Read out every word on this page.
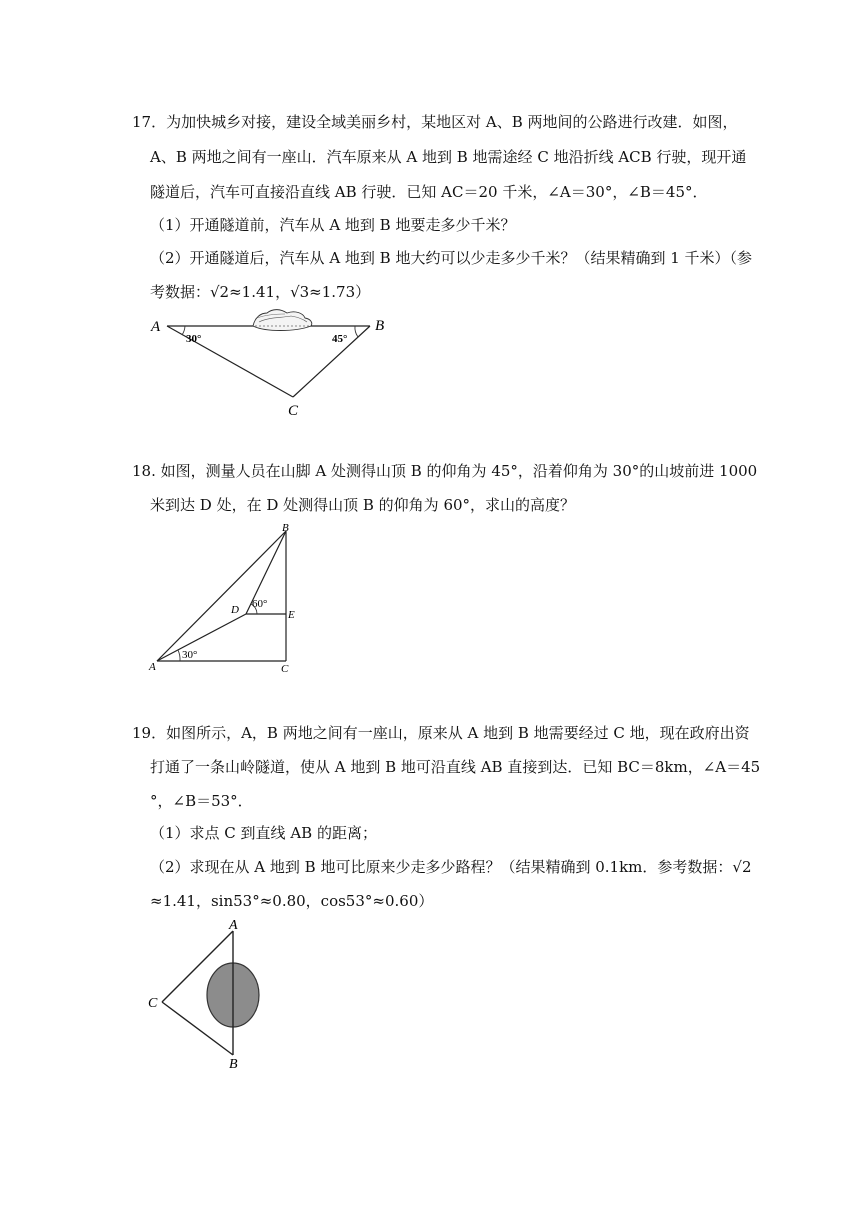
17．为加快城乡对接，建设全域美丽乡村，某地区对 A、B 两地间的公路进行改建．如图，
A、B 两地之间有一座山．汽车原来从 A 地到 B 地需途经 C 地沿折线 ACB 行驶，现开通
隧道后，汽车可直接沿直线 AB 行驶．已知 AC＝20 千米，∠A＝30°，∠B＝45°．
（1）开通隧道前，汽车从 A 地到 B 地要走多少千米？
（2）开通隧道后，汽车从 A 地到 B 地大约可以少走多少千米？（结果精确到 1 千米）（参
考数据：√2≈1.41，√3≈1.73）
A	B
C
30°	45°
18. 如图，测量人员在山脚 A 处测得山顶 B 的仰角为 45°，沿着仰角为 30°的山坡前进 1000
米到达 D 处，在 D 处测得山顶 B 的仰角为 60°，求山的高度？
A
B
C
D	E
30°
60°
19．如图所示，A，B 两地之间有一座山，原来从 A 地到 B 地需要经过 C 地，现在政府出资
打通了一条山岭隧道，使从 A 地到 B 地可沿直线 AB 直接到达．已知 BC＝8km，∠A＝45
°，∠B＝53°．
（1）求点 C 到直线 AB 的距离；
（2）求现在从 A 地到 B 地可比原来少走多少路程？（结果精确到 0.1km．参考数据：√2
≈1.41，sin53°≈0.80，cos53°≈0.60）
A
B
C
